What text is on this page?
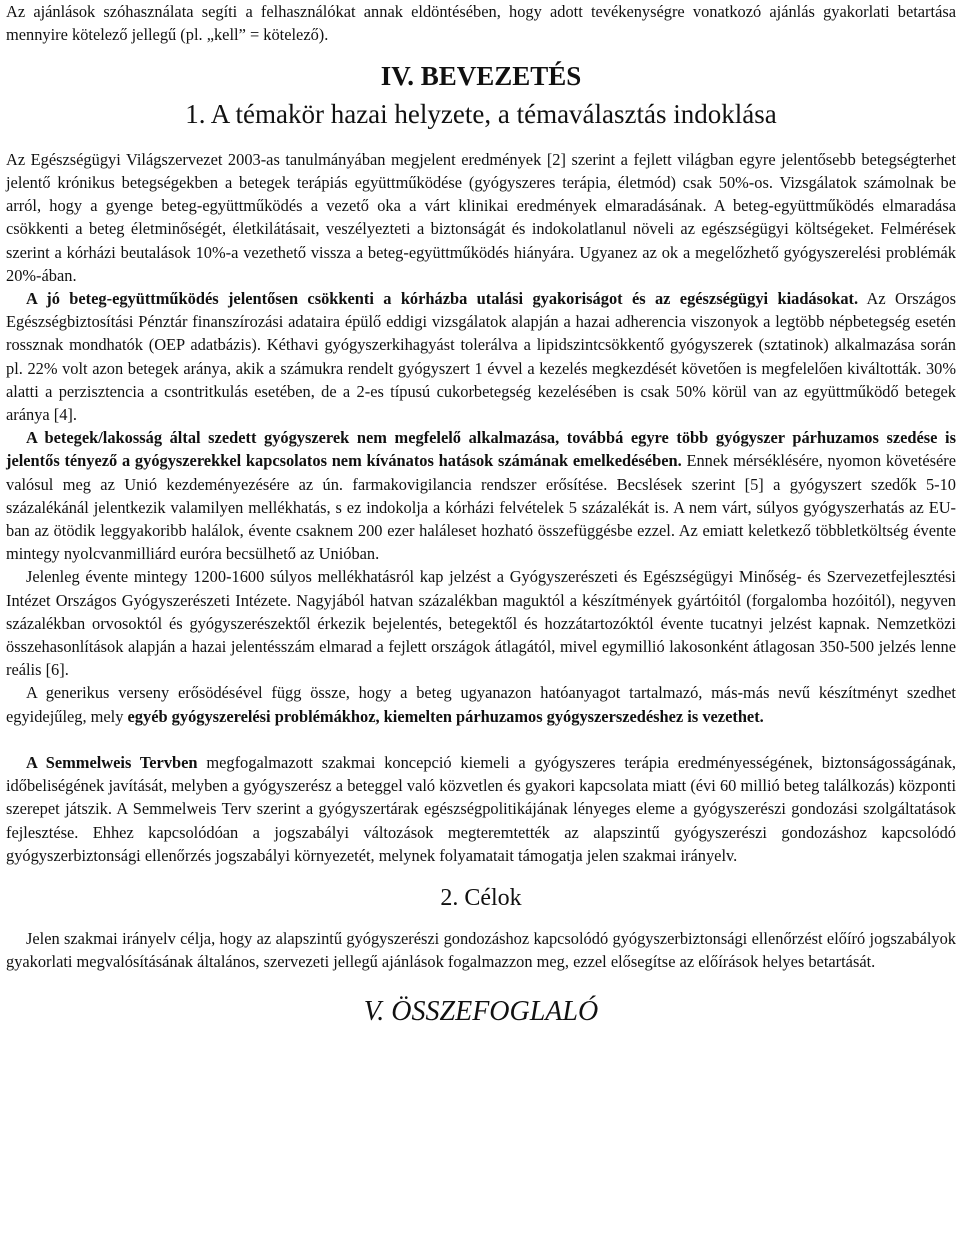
Az ajánlások szóhasználata segíti a felhasználókat annak eldöntésében, hogy adott tevékenységre vonatkozó ajánlás gyakorlati betartása mennyire kötelező jellegű (pl. „kell” = kötelező).

IV. BEVEZETÉS
1. A témakör hazai helyzete, a témaválasztás indoklása

Az Egészségügyi Világszervezet 2003-as tanulmányában megjelent eredmények [2] szerint a fejlett világban egyre jelentősebb betegségterhet jelentő krónikus betegségekben a betegek terápiás együttműködése (gyógyszeres terápia, életmód) csak 50%-os. Vizsgálatok számolnak be arról, hogy a gyenge beteg-együttműködés a vezető oka a várt klinikai eredmények elmaradásának. A beteg-együttműködés elmaradása csökkenti a beteg életminőségét, életkilátásait, veszélyezteti a biztonságát és indokolatlanul növeli az egészségügyi költségeket. Felmérések szerint a kórházi beutalások 10%-a vezethető vissza a beteg-együttműködés hiányára. Ugyanez az ok a megelőzhető gyógyszerelési problémák 20%-ában.

A jó beteg-együttműködés jelentősen csökkenti a kórházba utalási gyakoriságot és az egészségügyi kiadásokat. Az Országos Egészségbiztosítási Pénztár finanszírozási adataira épülő eddigi vizsgálatok alapján a hazai adherencia viszonyok a legtöbb népbetegség esetén rossznak mondhatók (OEP adatbázis). Kéthavi gyógyszerkihagyást tolerálva a lipidszintcsökkentő gyógyszerek (sztatinok) alkalmazása során pl. 22% volt azon betegek aránya, akik a számukra rendelt gyógyszert 1 évvel a kezelés megkezdését követően is megfelelően kiváltották. 30% alatti a perzisztencia a csontritkulás esetében, de a 2-es típusú cukorbetegség kezelésében is csak 50% körül van az együttműködő betegek aránya [4].

A betegek/lakosság által szedett gyógyszerek nem megfelelő alkalmazása, továbbá egyre több gyógyszer párhuzamos szedése is jelentős tényező a gyógyszerekkel kapcsolatos nem kívánatos hatások számának emelkedésében. Ennek mérséklésére, nyomon követésére valósul meg az Unió kezdeményezésére az ún. farmakovigilancia rendszer erősítése. Becslések szerint [5] a gyógyszert szedők 5-10 százalékánál jelentkezik valamilyen mellékhatás, s ez indokolja a kórházi felvételek 5 százalékát is. A nem várt, súlyos gyógyszerhatás az EU-ban az ötödik leggyakoribb halálok, évente csaknem 200 ezer haláleset hozható összefüggésbe ezzel. Az emiatt keletkező többletköltség évente mintegy nyolcvanmilliárd euróra becsülhető az Unióban.

Jelenleg évente mintegy 1200-1600 súlyos mellékhatásról kap jelzést a Gyógyszerészeti és Egészségügyi Minőség- és Szervezetfejlesztési Intézet Országos Gyógyszerészeti Intézete. Nagyjából hatvan százalékban maguktól a készítmények gyártóitól (forgalomba hozóitól), negyven százalékban orvosoktól és gyógyszerészektől érkezik bejelentés, betegektől és hozzátartozóktól évente tucatnyi jelzést kapnak. Nemzetközi összehasonlítások alapján a hazai jelentésszám elmarad a fejlett országok átlagától, mivel egymillió lakosonként átlagosan 350-500 jelzés lenne reális [6].

A generikus verseny erősödésével függ össze, hogy a beteg ugyanazon hatóanyagot tartalmazó, más-más nevű készítményt szedhet egyidejűleg, mely egyéb gyógyszerelési problémákhoz, kiemelten párhuzamos gyógyszerszedéshez is vezethet.

A Semmelweis Tervben megfogalmazott szakmai koncepció kiemeli a gyógyszeres terápia eredményességének, biztonságosságának, időbeliségének javítását, melyben a gyógyszerész a beteggel való közvetlen és gyakori kapcsolata miatt (évi 60 millió beteg találkozás) központi szerepet játszik. A Semmelweis Terv szerint a gyógyszertárak egészségpolitikájának lényeges eleme a gyógyszerészi gondozási szolgáltatások fejlesztése. Ehhez kapcsolódóan a jogszabályi változások megteremtették az alapszintű gyógyszerészi gondozáshoz kapcsolódó gyógyszerbiztonsági ellenőrzés jogszabályi környezetét, melynek folyamatait támogatja jelen szakmai irányelv.

2. Célok

Jelen szakmai irányelv célja, hogy az alapszintű gyógyszerészi gondozáshoz kapcsolódó gyógyszerbiztonsági ellenőrzést előíró jogszabályok gyakorlati megvalósításának általános, szervezeti jellegű ajánlások fogalmazzon meg, ezzel elősegítse az előírások helyes betartását.

V. ÖSSZEFOGLALÓ
